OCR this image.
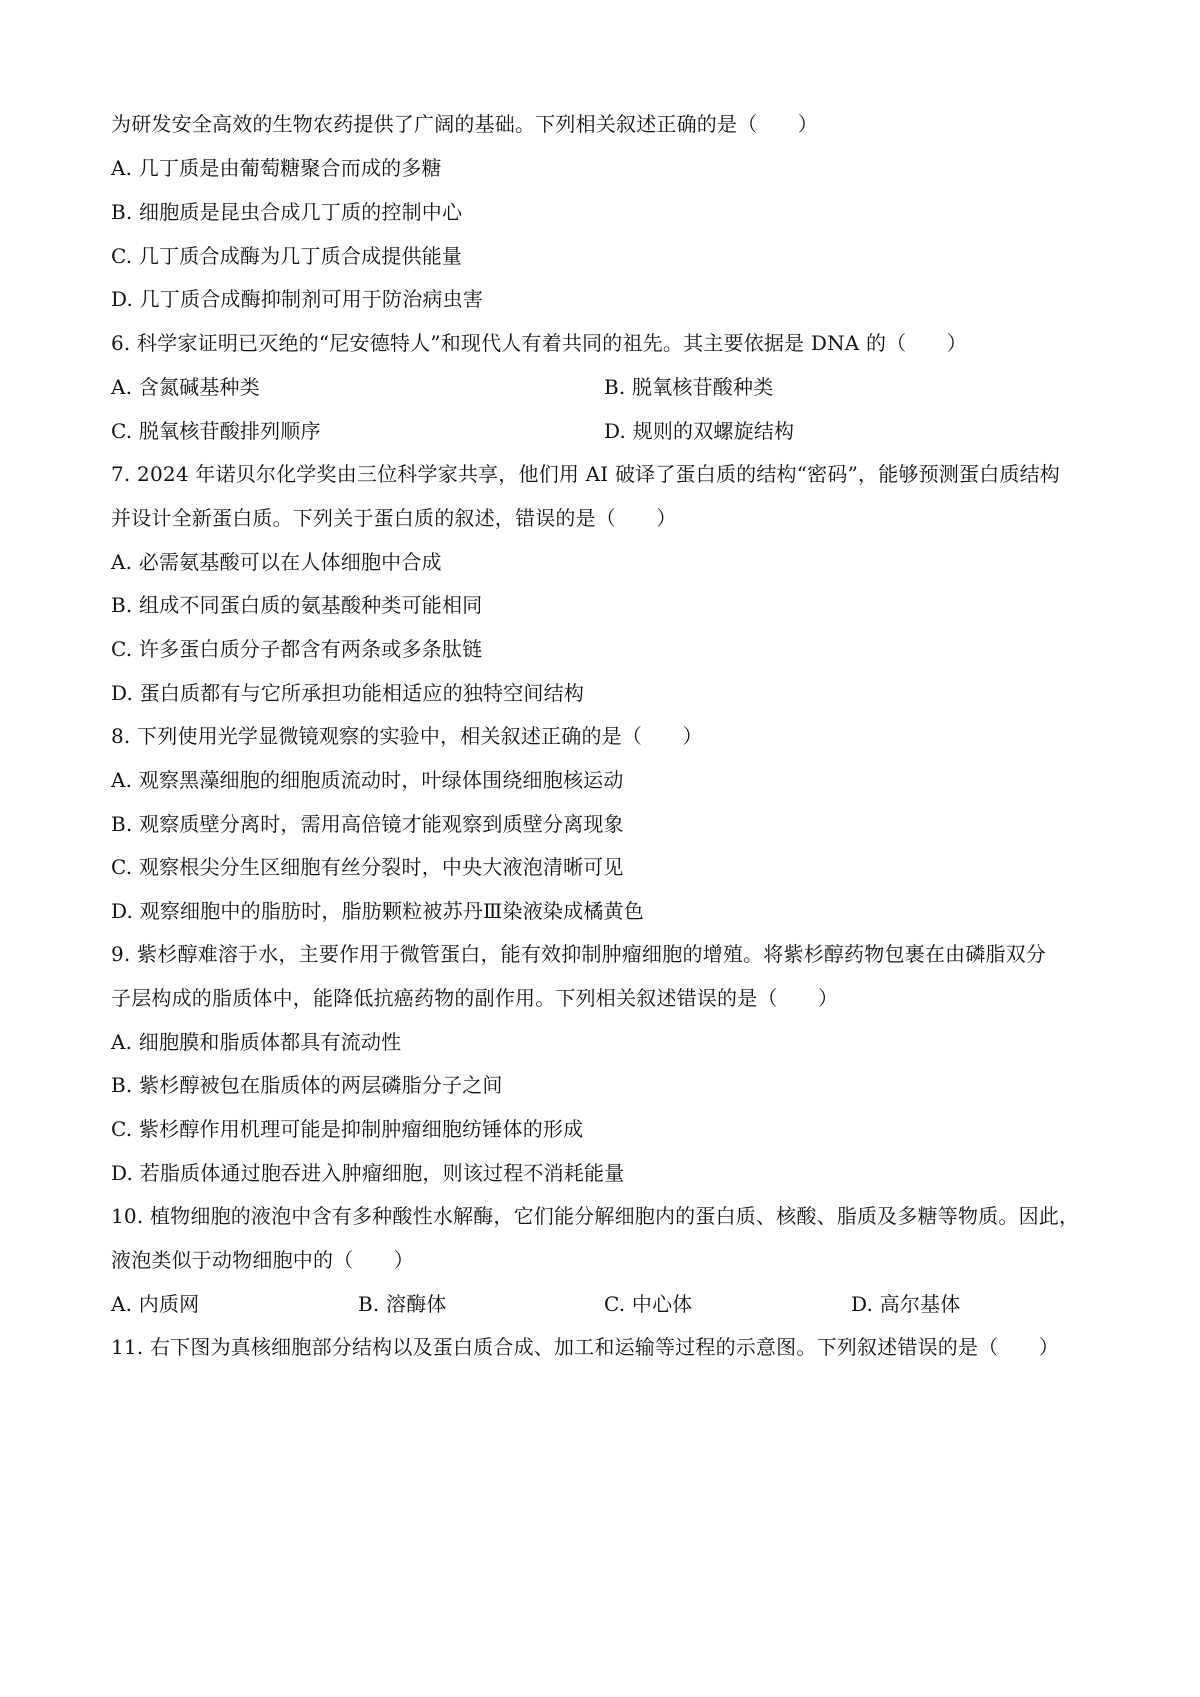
为研发安全高效的生物农药提供了广阔的基础。下列相关叙述正确的是（　　）
A. 几丁质是由葡萄糖聚合而成的多糖
B. 细胞质是昆虫合成几丁质的控制中心
C. 几丁质合成酶为几丁质合成提供能量
D. 几丁质合成酶抑制剂可用于防治病虫害
6. 科学家证明已灭绝的“尼安德特人”和现代人有着共同的祖先。其主要依据是 DNA 的（　　）
A. 含氮碱基种类	B. 脱氧核苷酸种类
C. 脱氧核苷酸排列顺序	D. 规则的双螺旋结构
7. 2024 年诺贝尔化学奖由三位科学家共享，他们用 AI 破译了蛋白质的结构“密码”，能够预测蛋白质结构
并设计全新蛋白质。下列关于蛋白质的叙述，错误的是（　　）
A. 必需氨基酸可以在人体细胞中合成
B. 组成不同蛋白质的氨基酸种类可能相同
C. 许多蛋白质分子都含有两条或多条肽链
D. 蛋白质都有与它所承担功能相适应的独特空间结构
8. 下列使用光学显微镜观察的实验中，相关叙述正确的是（　　）
A. 观察黑藻细胞的细胞质流动时，叶绿体围绕细胞核运动
B. 观察质壁分离时，需用高倍镜才能观察到质壁分离现象
C. 观察根尖分生区细胞有丝分裂时，中央大液泡清晰可见
D. 观察细胞中的脂肪时，脂肪颗粒被苏丹Ⅲ染液染成橘黄色
9. 紫杉醇难溶于水，主要作用于微管蛋白，能有效抑制肿瘤细胞的增殖。将紫杉醇药物包裹在由磷脂双分
子层构成的脂质体中，能降低抗癌药物的副作用。下列相关叙述错误的是（　　）
A. 细胞膜和脂质体都具有流动性
B. 紫杉醇被包在脂质体的两层磷脂分子之间
C. 紫杉醇作用机理可能是抑制肿瘤细胞纺锤体的形成
D. 若脂质体通过胞吞进入肿瘤细胞，则该过程不消耗能量
10. 植物细胞的液泡中含有多种酸性水解酶，它们能分解细胞内的蛋白质、核酸、脂质及多糖等物质。因此，
液泡类似于动物细胞中的（　　）
A. 内质网	B. 溶酶体	C. 中心体	D. 高尔基体
11. 右下图为真核细胞部分结构以及蛋白质合成、加工和运输等过程的示意图。下列叙述错误的是（　　）
